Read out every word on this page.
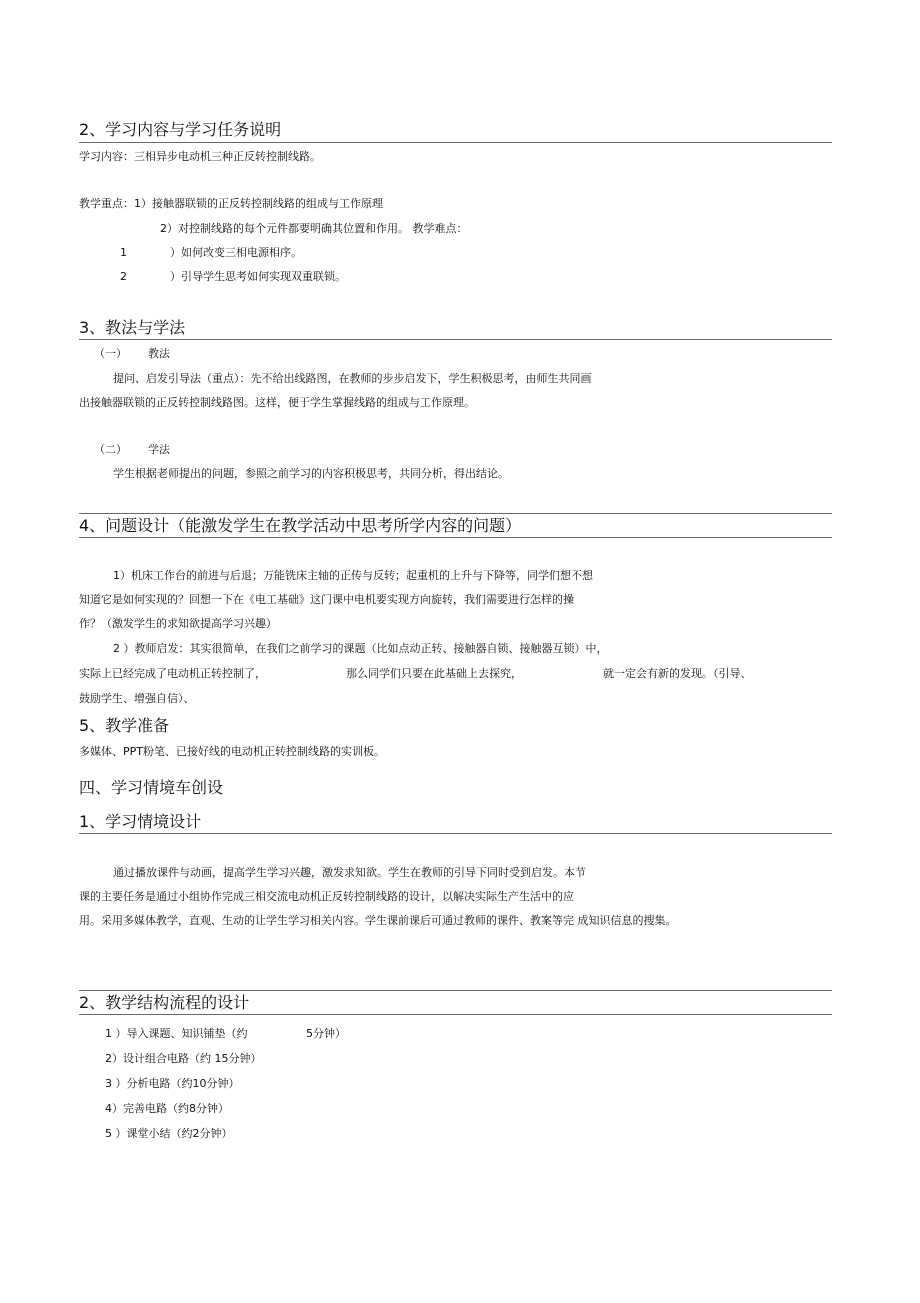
2、学习内容与学习任务说明
学习内容：三相异步电动机三种正反转控制线路。
教学重点：1）接触器联锁的正反转控制线路的组成与工作原理
2）对控制线路的每个元件都要明确其位置和作用。 教学难点：
1	）如何改变三相电源相序。
2	）引导学生思考如何实现双重联锁。
3、教法与学法
（一） 教法
提问、启发引导法（重点）：先不给出线路图，在教师的步步启发下，学生积极思考，由师生共同画
出接触器联锁的正反转控制线路图。这样，便于学生掌握线路的组成与工作原理。
（二） 学法
学生根据老师提出的问题，参照之前学习的内容积极思考，共同分析，得出结论。
4、问题设计（能激发学生在教学活动中思考所学内容的问题）
1）机床工作台的前进与后退；万能铣床主轴的正传与反转；起重机的上升与下降等，同学们想不想
知道它是如何实现的？回想一下在《电工基础》这门课中电机要实现方向旋转，我们需要进行怎样的操
作？（激发学生的求知欲提高学习兴趣）
2 ）教师启发：其实很简单，在我们之前学习的课题（比如点动正转、接触器自锁、接触器互锁）中，
实际上已经完成了电动机正转控制了，	那么同学们只要在此基础上去探究，	就一定会有新的发现。（引导、
鼓励学生、增强自信）、
5、教学准备
多媒体、PPT粉笔、已接好线的电动机正转控制线路的实训板。
四、学习情境车创设
1、学习情境设计
通过播放课件与动画，提高学生学习兴趣，激发求知欲。学生在教师的引导下同时受到启发。本节
课的主要任务是通过小组协作完成三相交流电动机正反转控制线路的设计，以解决实际生产生活中的应
用。采用多媒体教学，直观、生动的让学生学习相关内容。学生课前课后可通过教师的课件、教案等完 成知识信息的搜集。
2、教学结构流程的设计
1 ）导入课题、知识铺垫（约	5分钟）
2）设计组合电路（约 15分钟）
3 ）分析电路（约10分钟）
4）完善电路（约8分钟）
5 ）课堂小结（约2分钟）
